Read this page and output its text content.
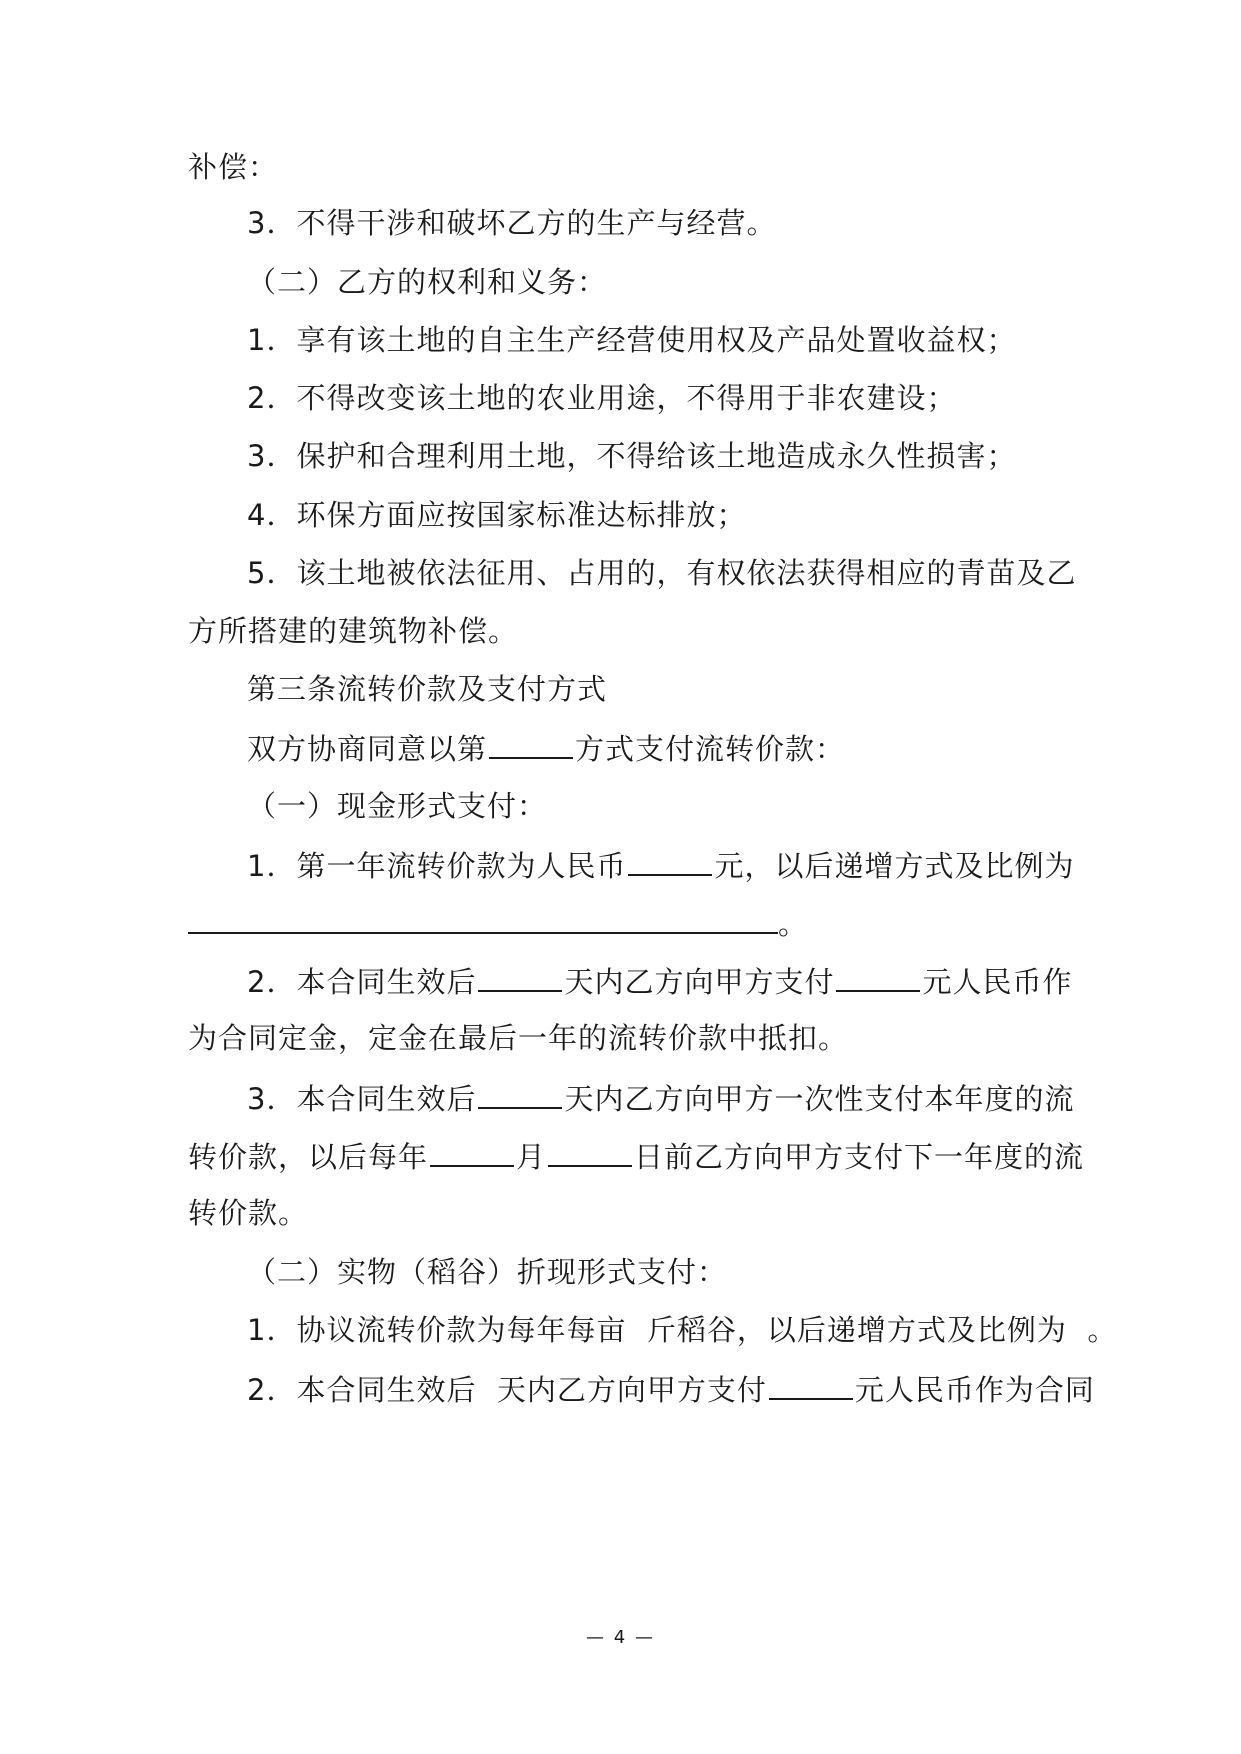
补偿：
3．不得干涉和破坏乙方的生产与经营。
（二）乙方的权利和义务：
1．享有该土地的自主生产经营使用权及产品处置收益权；
2．不得改变该土地的农业用途，不得用于非农建设；
3．保护和合理利用土地，不得给该土地造成永久性损害；
4．环保方面应按国家标准达标排放；
5．该土地被依法征用、占用的，有权依法获得相应的青苗及乙
方所搭建的建筑物补偿。
第三条流转价款及支付方式
双方协商同意以第	方式支付流转价款：
（一）现金形式支付：
1．第一年流转价款为人民币	元，以后递增方式及比例为
。
2．本合同生效后	天内乙方向甲方支付	元人民币作
为合同定金，定金在最后一年的流转价款中抵扣。
3．本合同生效后	天内乙方向甲方一次性支付本年度的流
转价款，以后每年	月	日前乙方向甲方支付下一年度的流
转价款。
（二）实物（稻谷）折现形式支付：
1．协议流转价款为每年每亩  斤稻谷，以后递增方式及比例为  。
2．本合同生效后  天内乙方向甲方支付	元人民币作为合同
— 4 —
